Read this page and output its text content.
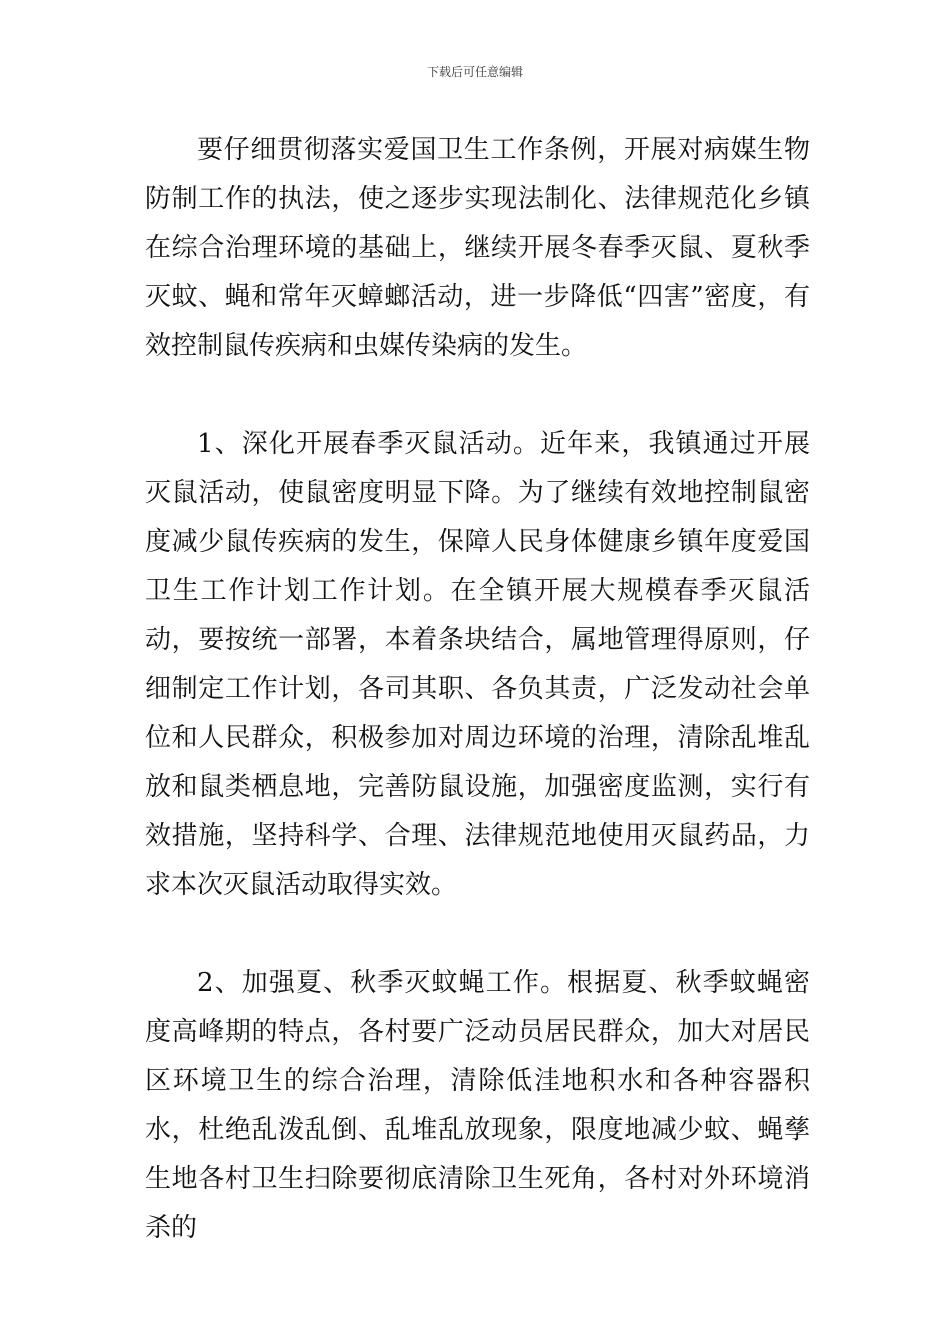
下载后可任意编辑

要仔细贯彻落实爱国卫生工作条例，开展对病媒生物防制工作的执法，使之逐步实现法制化、法律规范化乡镇在综合治理环境的基础上，继续开展冬春季灭鼠、夏秋季灭蚊、蝇和常年灭蟑螂活动，进一步降低“四害”密度，有效控制鼠传疾病和虫媒传染病的发生。

1、深化开展春季灭鼠活动。近年来，我镇通过开展灭鼠活动，使鼠密度明显下降。为了继续有效地控制鼠密度减少鼠传疾病的发生，保障人民身体健康乡镇年度爱国卫生工作计划工作计划。在全镇开展大规模春季灭鼠活动，要按统一部署，本着条块结合，属地管理得原则，仔细制定工作计划，各司其职、各负其责，广泛发动社会单位和人民群众，积极参加对周边环境的治理，清除乱堆乱放和鼠类栖息地，完善防鼠设施，加强密度监测，实行有效措施，坚持科学、合理、法律规范地使用灭鼠药品，力求本次灭鼠活动取得实效。

2、加强夏、秋季灭蚊蝇工作。根据夏、秋季蚊蝇密度高峰期的特点，各村要广泛动员居民群众，加大对居民区环境卫生的综合治理，清除低洼地积水和各种容器积水，杜绝乱泼乱倒、乱堆乱放现象，限度地减少蚊、蝇孳生地各村卫生扫除要彻底清除卫生死角，各村对外环境消杀的
